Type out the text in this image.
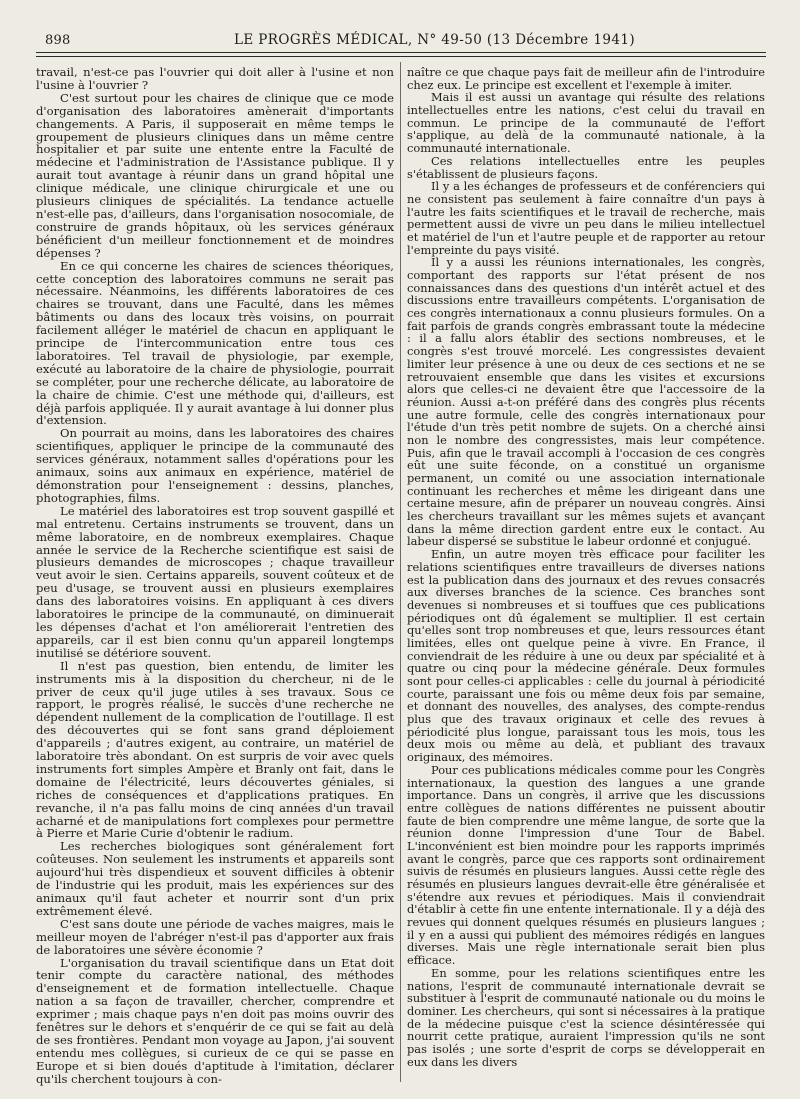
898	LE PROGRÈS MÉDICAL, N° 49-50 (13 Décembre 1941)

travail, n'est-ce pas l'ouvrier qui doit aller à l'usine et non l'usine à l'ouvrier ?

C'est surtout pour les chaires de clinique que ce mode d'organisation des laboratoires amènerait d'importants changements. A Paris, il supposerait en même temps le groupement de plusieurs cliniques dans un même centre hospitalier et par suite une entente entre la Faculté de médecine et l'administration de l'Assistance publique. Il y aurait tout avantage à réunir dans un grand hôpital une clinique médicale, une clinique chirurgicale et une ou plusieurs cliniques de spécialités. La tendance actuelle n'est-elle pas, d'ailleurs, dans l'organisation nosocomiale, de construire de grands hôpitaux, où les services généraux bénéficient d'un meilleur fonctionnement et de moindres dépenses ?

En ce qui concerne les chaires de sciences théoriques, cette conception des laboratoires communs ne serait pas nécessaire. Néanmoins, les différents laboratoires de ces chaires se trouvant, dans une Faculté, dans les mêmes bâtiments ou dans des locaux très voisins, on pourrait facilement alléger le matériel de chacun en appliquant le principe de l'intercommunication entre tous ces laboratoires. Tel travail de physiologie, par exemple, exécuté au laboratoire de la chaire de physiologie, pourrait se compléter, pour une recherche délicate, au laboratoire de la chaire de chimie. C'est une méthode qui, d'ailleurs, est déjà parfois appliquée. Il y aurait avantage à lui donner plus d'extension.

On pourrait au moins, dans les laboratoires des chaires scientifiques, appliquer le principe de la communauté des services généraux, notamment salles d'opérations pour les animaux, soins aux animaux en expérience, matériel de démonstration pour l'enseignement : dessins, planches, photographies, films.

Le matériel des laboratoires est trop souvent gaspillé et mal entretenu. Certains instruments se trouvent, dans un même laboratoire, en de nombreux exemplaires. Chaque année le service de la Recherche scientifique est saisi de plusieurs demandes de microscopes ; chaque travailleur veut avoir le sien. Certains appareils, souvent coûteux et de peu d'usage, se trouvent aussi en plusieurs exemplaires dans des laboratoires voisins. En appliquant à ces divers laboratoires le principe de la communauté, on diminuerait les dépenses d'achat et l'on améliorerait l'entretien des appareils, car il est bien connu qu'un appareil longtemps inutilisé se détériore souvent.

Il n'est pas question, bien entendu, de limiter les instruments mis à la disposition du chercheur, ni de le priver de ceux qu'il juge utiles à ses travaux. Sous ce rapport, le progrès réalisé, le succès d'une recherche ne dépendent nullement de la complication de l'outillage. Il est des découvertes qui se font sans grand déploiement d'appareils ; d'autres exigent, au contraire, un matériel de laboratoire très abondant. On est surpris de voir avec quels instruments fort simples Ampère et Branly ont fait, dans le domaine de l'électricité, leurs découvertes géniales, si riches de conséquences et d'applications pratiques. En revanche, il n'a pas fallu moins de cinq années d'un travail acharné et de manipulations fort complexes pour permettre à Pierre et Marie Curie d'obtenir le radium.

Les recherches biologiques sont généralement fort coûteuses. Non seulement les instruments et appareils sont aujourd'hui très dispendieux et souvent difficiles à obtenir de l'industrie qui les produit, mais les expériences sur des animaux qu'il faut acheter et nourrir sont d'un prix extrêmement élevé.

C'est sans doute une période de vaches maigres, mais le meilleur moyen de l'abréger n'est-il pas d'apporter aux frais de laboratoires une sévère économie ?

L'organisation du travail scientifique dans un Etat doit tenir compte du caractère national, des méthodes d'enseignement et de formation intellectuelle. Chaque nation a sa façon de travailler, chercher, comprendre et exprimer ; mais chaque pays n'en doit pas moins ouvrir des fenêtres sur le dehors et s'enquérir de ce qui se fait au delà de ses frontières. Pendant mon voyage au Japon, j'ai souvent entendu mes collègues, si curieux de ce qui se passe en Europe et si bien doués d'aptitude à l'imitation, déclarer qu'ils cherchent toujours à con-

naître ce que chaque pays fait de meilleur afin de l'introduire chez eux. Le principe est excellent et l'exemple à imiter.

Mais il est aussi un avantage qui résulte des relations intellectuelles entre les nations, c'est celui du travail en commun. Le principe de la communauté de l'effort s'applique, au delà de la communauté nationale, à la communauté internationale.

Ces relations intellectuelles entre les peuples s'établissent de plusieurs façons.

Il y a les échanges de professeurs et de conférenciers qui ne consistent pas seulement à faire connaître d'un pays à l'autre les faits scientifiques et le travail de recherche, mais permettent aussi de vivre un peu dans le milieu intellectuel et matériel de l'un et l'autre peuple et de rapporter au retour l'empreinte du pays visité.

Il y a aussi les réunions internationales, les congrès, comportant des rapports sur l'état présent de nos connaissances dans des questions d'un intérêt actuel et des discussions entre travailleurs compétents. L'organisation de ces congrès internationaux a connu plusieurs formules. On a fait parfois de grands congrès embrassant toute la médecine : il a fallu alors établir des sections nombreuses, et le congrès s'est trouvé morcelé. Les congressistes devaient limiter leur présence à une ou deux de ces sections et ne se retrouvaient ensemble que dans les visites et excursions alors que celles-ci ne devaient être que l'accessoire de la réunion. Aussi a-t-on préféré dans des congrès plus récents une autre formule, celle des congrès internationaux pour l'étude d'un très petit nombre de sujets. On a cherché ainsi non le nombre des congressistes, mais leur compétence. Puis, afin que le travail accompli à l'occasion de ces congrès eût une suite féconde, on a constitué un organisme permanent, un comité ou une association internationale continuant les recherches et même les dirigeant dans une certaine mesure, afin de préparer un nouveau congrès. Ainsi les chercheurs travaillant sur les mêmes sujets et avançant dans la même direction gardent entre eux le contact. Au labeur dispersé se substitue le labeur ordonné et conjugué.

Enfin, un autre moyen très efficace pour faciliter les relations scientifiques entre travailleurs de diverses nations est la publication dans des journaux et des revues consacrés aux diverses branches de la science. Ces branches sont devenues si nombreuses et si touffues que ces publications périodiques ont dû également se multiplier. Il est certain qu'elles sont trop nombreuses et que, leurs ressources étant limitées, elles ont quelque peine à vivre. En France, il conviendrait de les réduire à une ou deux par spécialité et à quatre ou cinq pour la médecine générale. Deux formules sont pour celles-ci applicables : celle du journal à périodicité courte, paraissant une fois ou même deux fois par semaine, et donnant des nouvelles, des analyses, des compte-rendus plus que des travaux originaux et celle des revues à périodicité plus longue, paraissant tous les mois, tous les deux mois ou même au delà, et publiant des travaux originaux, des mémoires.

Pour ces publications médicales comme pour les Congrès internationaux, la question des langues a une grande importance. Dans un congrès, il arrive que les discussions entre collègues de nations différentes ne puissent aboutir faute de bien comprendre une même langue, de sorte que la réunion donne l'impression d'une Tour de Babel. L'inconvénient est bien moindre pour les rapports imprimés avant le congrès, parce que ces rapports sont ordinairement suivis de résumés en plusieurs langues. Aussi cette règle des résumés en plusieurs langues devrait-elle être généralisée et s'étendre aux revues et périodiques. Mais il conviendrait d'établir à cette fin une entente internationale. Il y a déjà des revues qui donnent quelques résumés en plusieurs langues ; il y en a aussi qui publient des mémoires rédigés en langues diverses. Mais une règle internationale serait bien plus efficace.

En somme, pour les relations scientifiques entre les nations, l'esprit de communauté internationale devrait se substituer à l'esprit de communauté nationale ou du moins le dominer. Les chercheurs, qui sont si nécessaires à la pratique de la médecine puisque c'est la science désintéressée qui nourrit cette pratique, auraient l'impression qu'ils ne sont pas isolés ; une sorte d'esprit de corps se développerait en eux dans les divers
